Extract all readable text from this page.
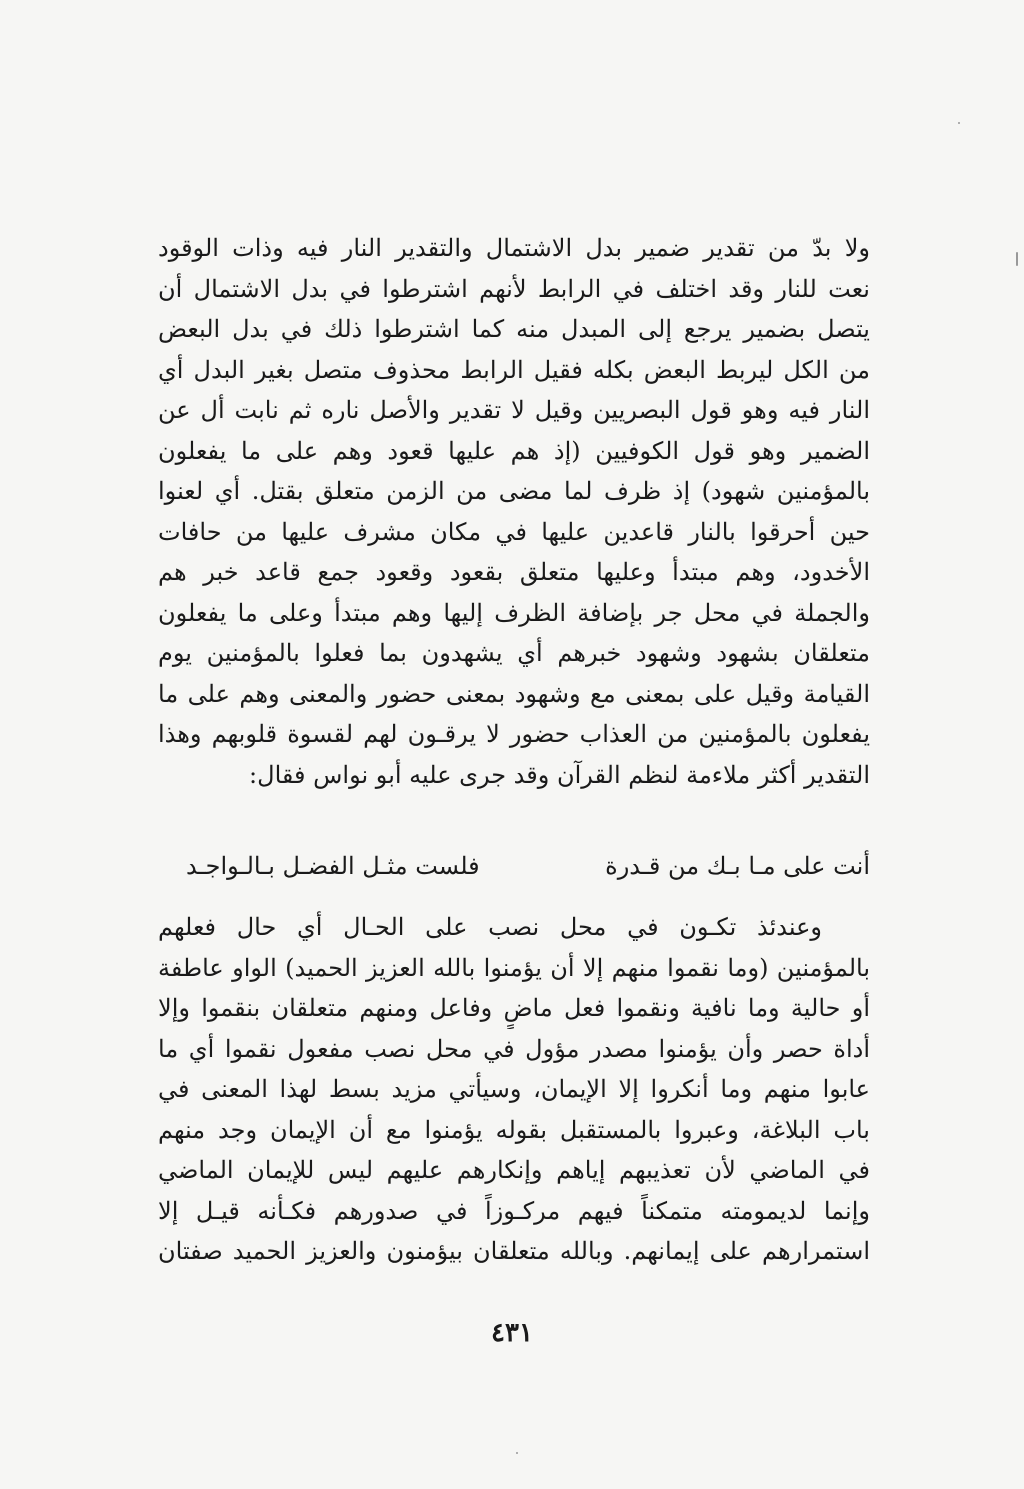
ولا بدّ من تقدير ضمير بدل الاشتمال والتقدير النار فيه وذات الوقود
نعت للنار وقد اختلف في الرابط لأنهم اشترطوا في بدل الاشتمال أن
يتصل بضمير يرجع إلى المبدل منه كما اشترطوا ذلك في بدل البعض
من الكل ليربط البعض بكله فقيل الرابط محذوف متصل بغير البدل أي
النار فيه وهو قول البصريين وقيل لا تقدير والأصل ناره ثم نابت أل عن
الضمير وهو قول الكوفيين (إذ هم عليها قعود وهم على ما يفعلون
بالمؤمنين شهود) إذ ظرف لما مضى من الزمن متعلق بقتل. أي لعنوا
حين أحرقوا بالنار قاعدين عليها في مكان مشرف عليها من حافات
الأخدود، وهم مبتدأ وعليها متعلق بقعود وقعود جمع قاعد خبر هم
والجملة في محل جر بإضافة الظرف إليها وهم مبتدأ وعلى ما يفعلون
متعلقان بشهود وشهود خبرهم أي يشهدون بما فعلوا بالمؤمنين يوم
القيامة وقيل على بمعنى مع وشهود بمعنى حضور والمعنى وهم على ما
يفعلون بالمؤمنين من العذاب حضور لا يرقـون لهم لقسوة قلوبهم وهذا
التقدير أكثر ملاءمة لنظم القرآن وقد جرى عليه أبو نواس فقال:
أنت على مـا بـك من قـدرة
فلست مثـل الفضـل بـالـواجـد
وعندئذ تكـون في محل نصب على الحـال أي حال فعلهم
بالمؤمنين (وما نقموا منهم إلا أن يؤمنوا بالله العزيز الحميد) الواو عاطفة
أو حالية وما نافية ونقموا فعل ماضٍ وفاعل ومنهم متعلقان بنقموا وإلا
أداة حصر وأن يؤمنوا مصدر مؤول في محل نصب مفعول نقموا أي ما
عابوا منهم وما أنكروا إلا الإيمان، وسيأتي مزيد بسط لهذا المعنى في
باب البلاغة، وعبروا بالمستقبل بقوله يؤمنوا مع أن الإيمان وجد منهم
في الماضي لأن تعذيبهم إياهم وإنكارهم عليهم ليس للإيمان الماضي
وإنما لديمومته متمكناً فيهم مركـوزاً في صدورهم فكـأنه قيـل إلا
استمرارهم على إيمانهم. وبالله متعلقان بيؤمنون والعزيز الحميد صفتان
٤٣١
